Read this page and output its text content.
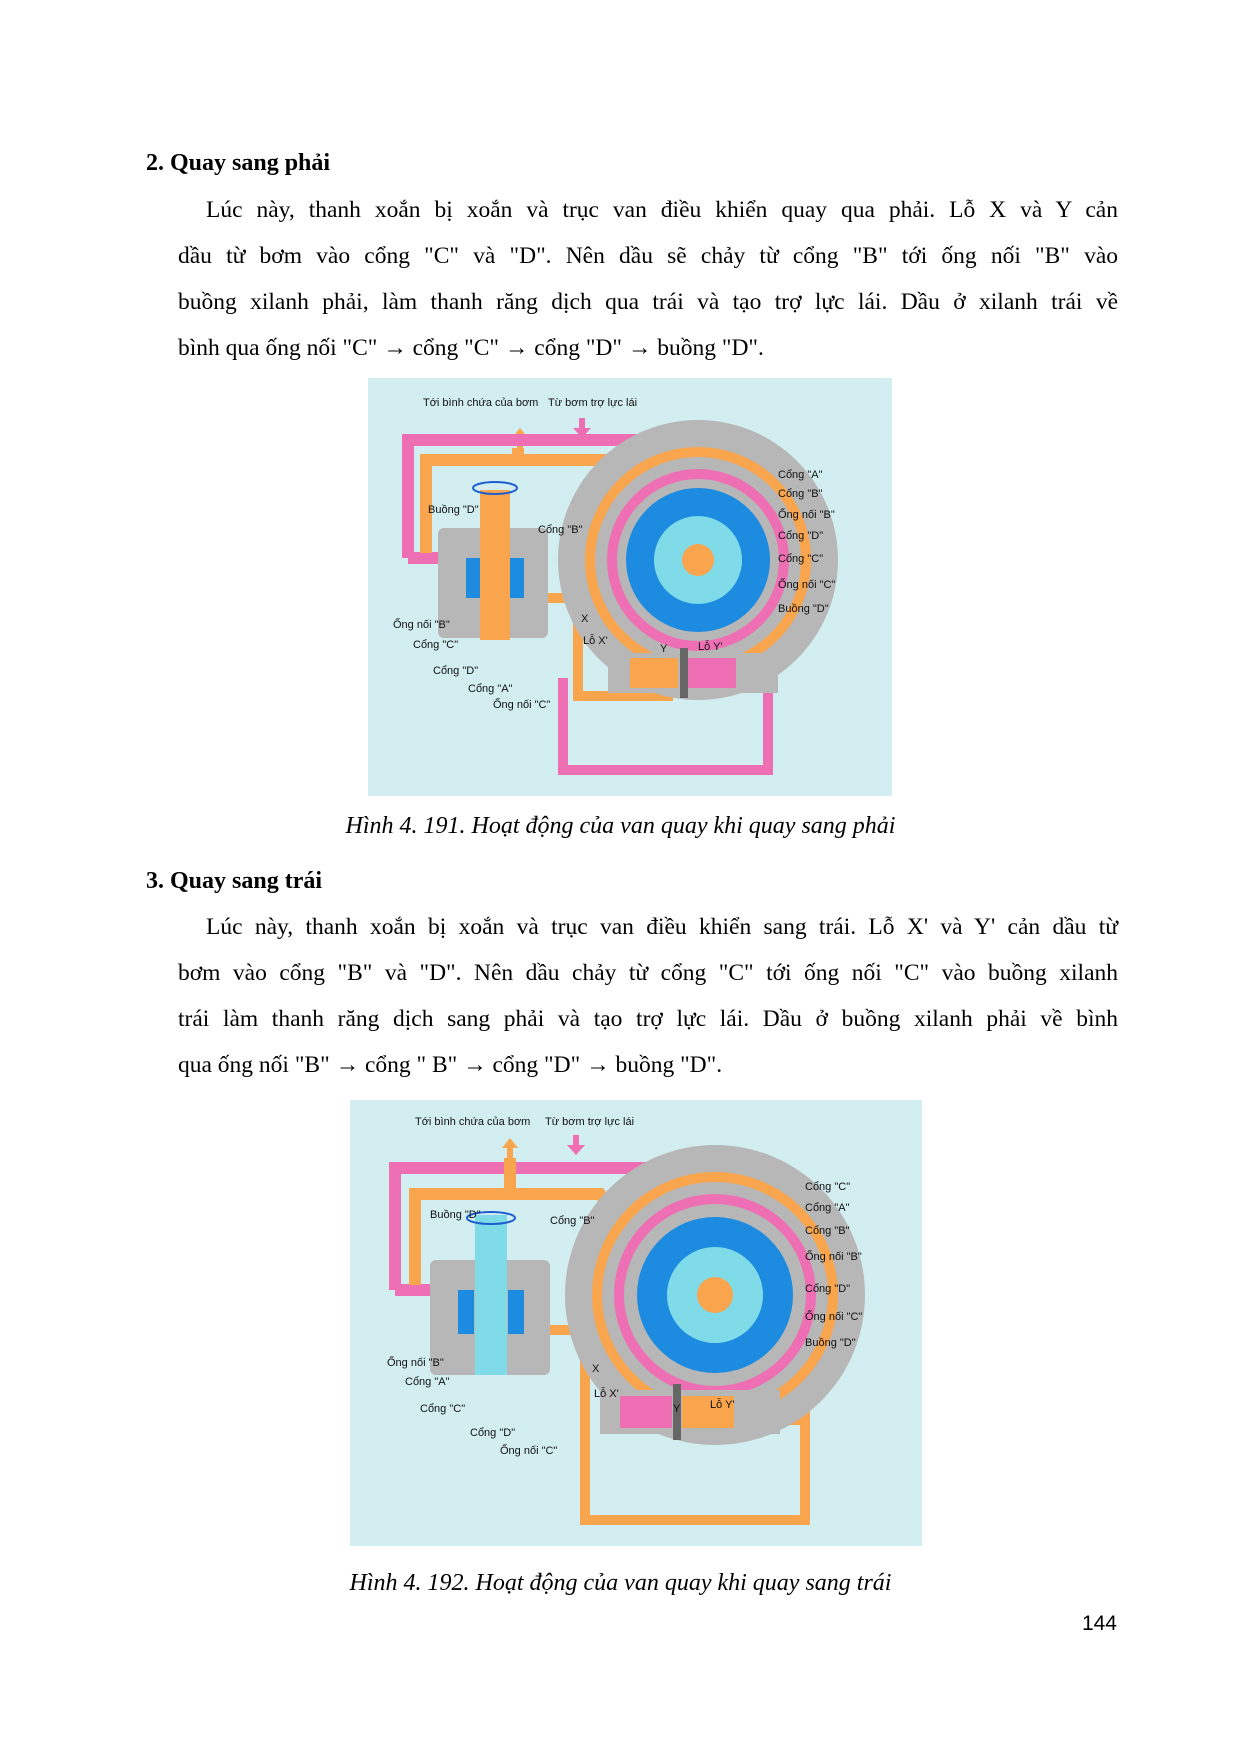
2. Quay sang phải
Lúc này, thanh xoắn bị xoắn và trục van điều khiển quay qua phải. Lỗ X và Y cản
dầu từ bơm vào cổng "C" và "D". Nên dầu sẽ chảy từ cổng "B" tới ống nối "B" vào
buồng xilanh phải, làm thanh răng dịch qua trái và tạo trợ lực lái. Dầu ở xilanh trái về
bình qua ống nối "C" → cổng "C" → cổng "D" → buồng "D".
Tới bình chứa của bơm Từ bơm trợ lực lái
Buồng "D"
Cổng "B"
Ống nối "B"
Cổng "C"
Cổng "D"
Cổng "A"
Ống nối "C"
X
Lỗ X'
Y	Lỗ Y'
Cổng "A"
Cổng "B"
Ống nối "B"
Cổng "D"
Cổng "C"
Ống nối "C"
Buồng "D"
Hình 4. 191. Hoạt động của van quay khi quay sang phải
3. Quay sang trái
Lúc này, thanh xoắn bị xoắn và trục van điều khiển sang trái. Lỗ X' và Y' cản dầu từ
bơm vào cổng "B" và "D". Nên dầu chảy từ cổng "C" tới ống nối "C" vào buồng xilanh
trái làm thanh răng dịch sang phải và tạo trợ lực lái. Dầu ở buồng xilanh phải về bình
qua ống nối "B" → cổng " B" → cổng "D" → buồng "D".
Tới bình chứa của bơm Từ bơm trợ lực lái
Buồng "D"	Cổng "B"
Ống nối "B"
Cổng "A"
Cổng "C"
Cổng "D"
Ống nối "C"
X
Lỗ X'
Y	Lỗ Y'
Cổng "C"
Cổng "A"
Cổng "B"
Ống nối "B"
Cổng "D"
Ống nối "C"
Buồng "D"
Hình 4. 192. Hoạt động của van quay khi quay sang trái
144
